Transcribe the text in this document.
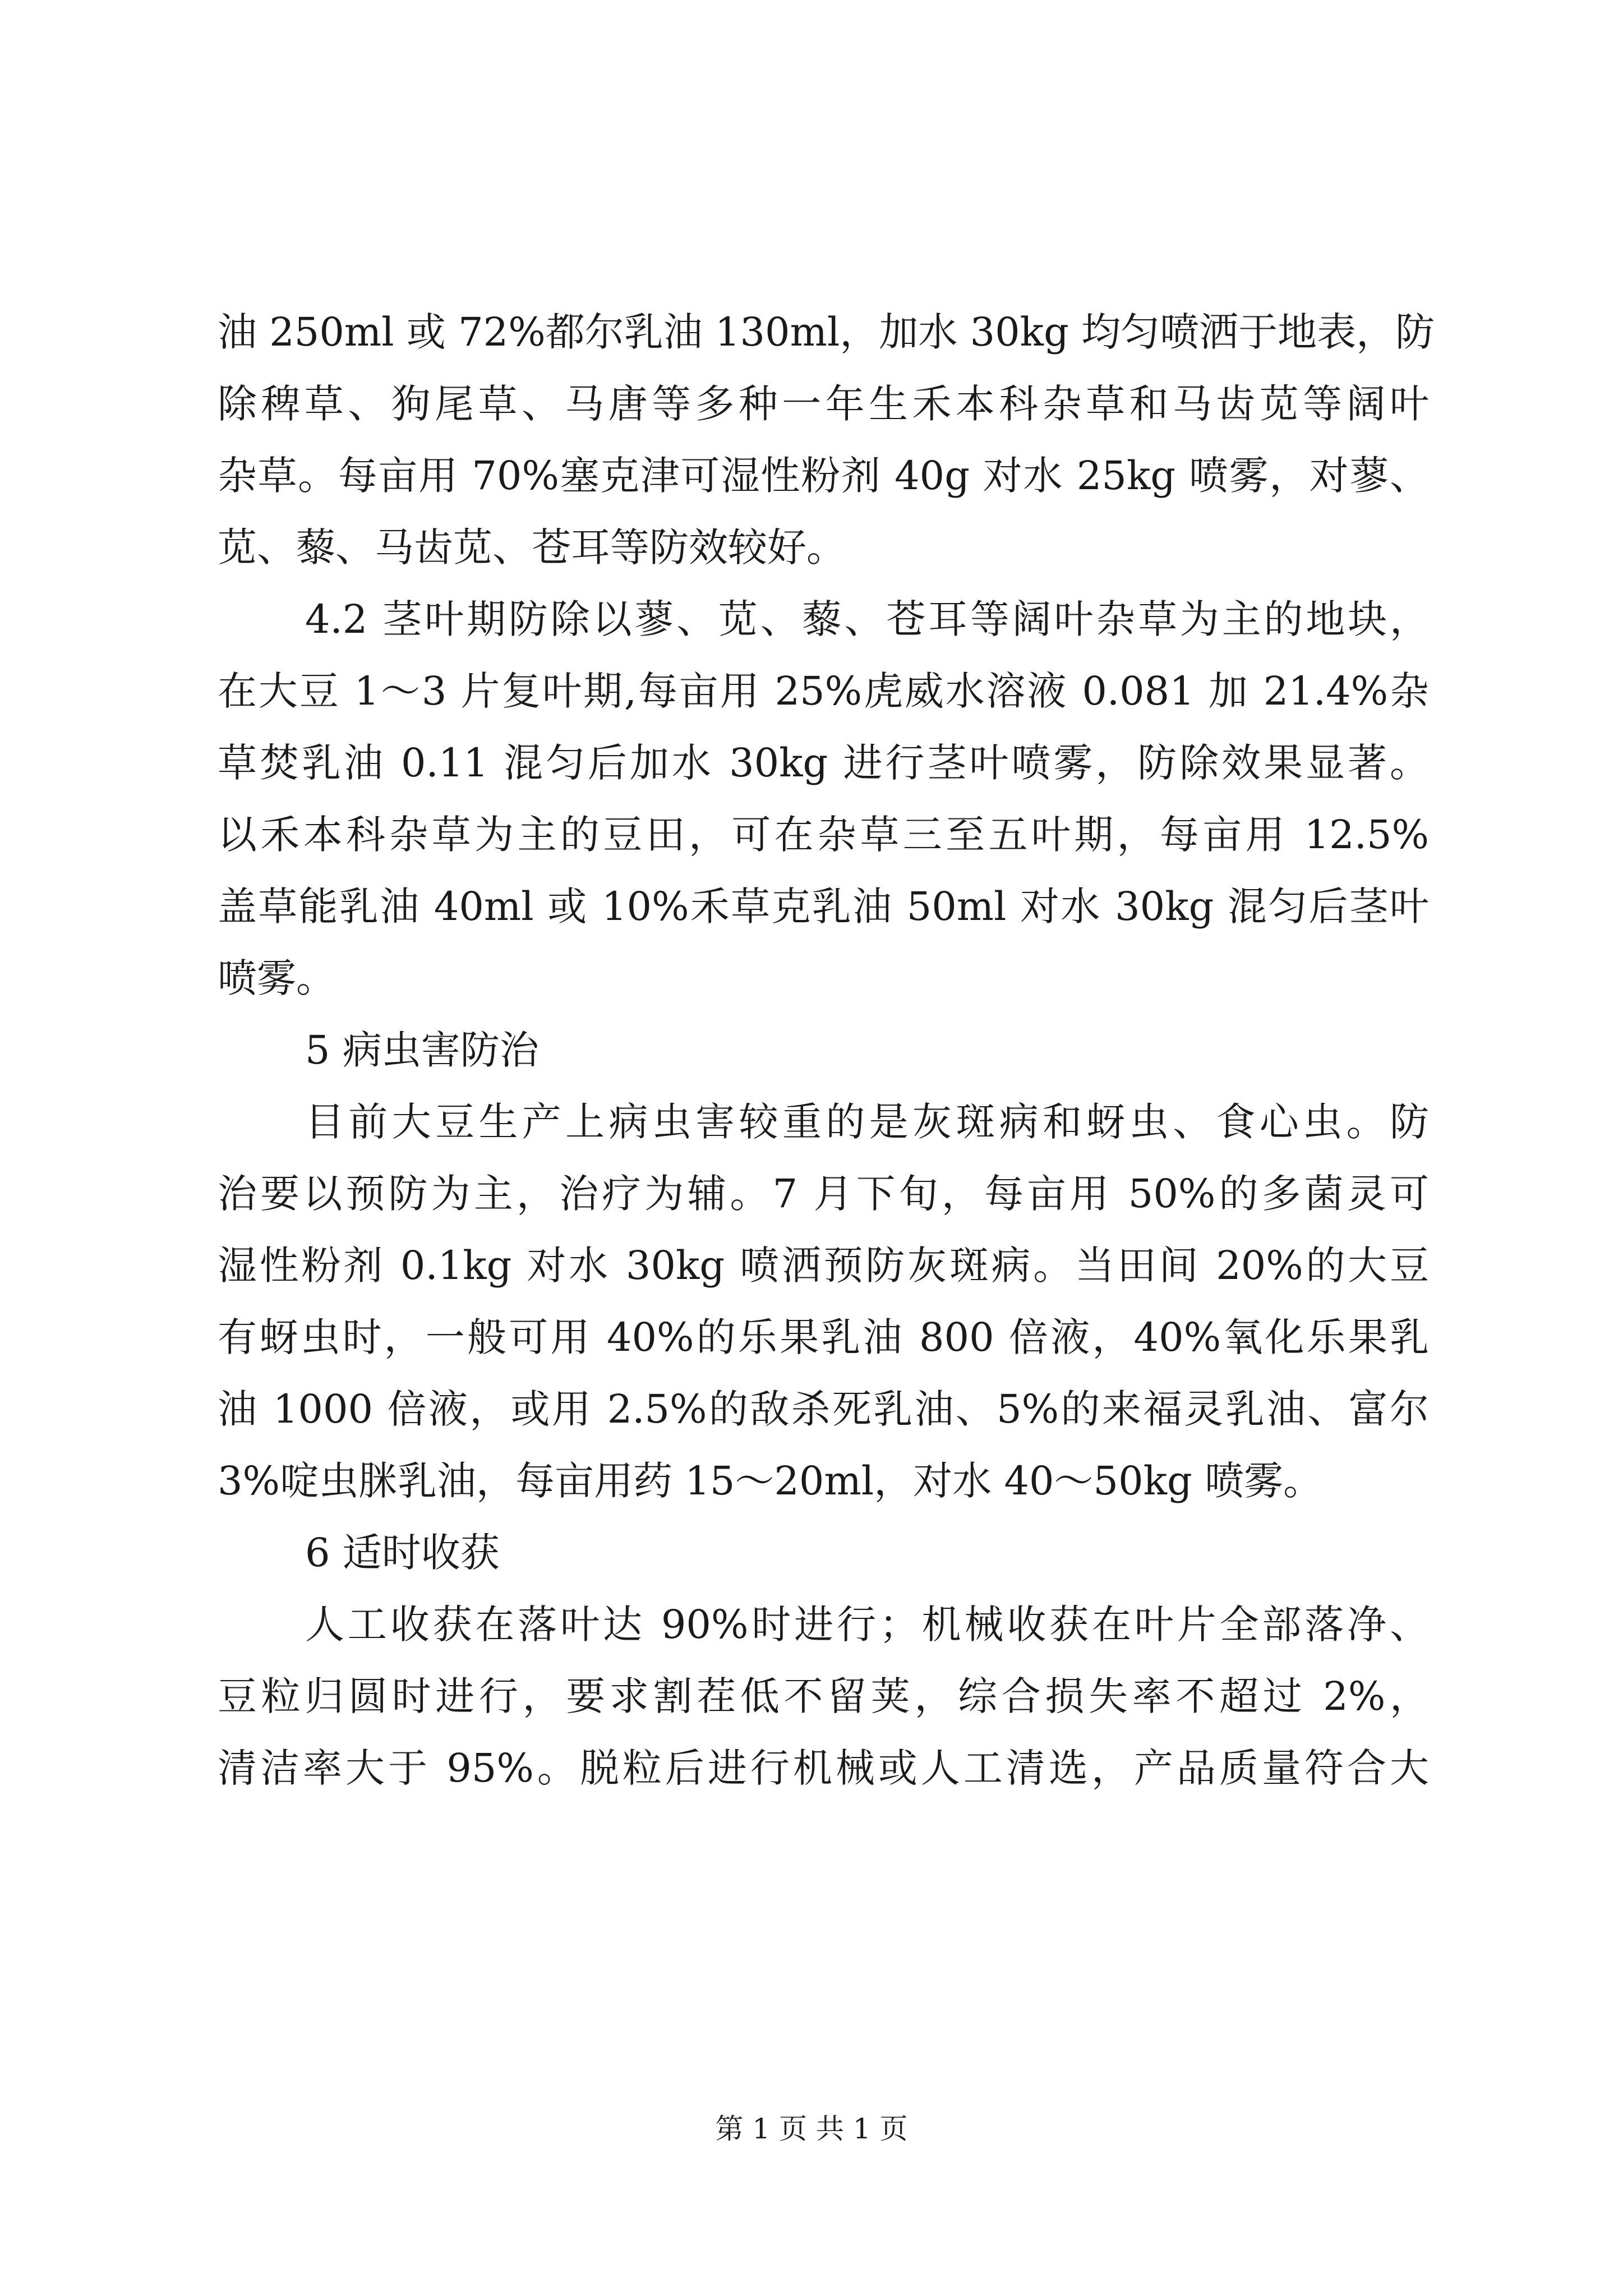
油 250ml 或 72%都尔乳油 130ml，加水 30kg 均匀喷洒于地表，防
除稗草、狗尾草、马唐等多种一年生禾本科杂草和马齿苋等阔叶
杂草。每亩用 70%塞克津可湿性粉剂 40g 对水 25kg 喷雾，对蓼、
苋、藜、马齿苋、苍耳等防效较好。
4.2 茎叶期防除以蓼、苋、藜、苍耳等阔叶杂草为主的地块，
在大豆 1～3 片复叶期,每亩用 25%虎威水溶液 0.081 加 21.4%杂
草焚乳油 0.11 混匀后加水 30kg 进行茎叶喷雾，防除效果显著。
以禾本科杂草为主的豆田，可在杂草三至五叶期，每亩用 12.5%
盖草能乳油 40ml 或 10%禾草克乳油 50ml 对水 30kg 混匀后茎叶
喷雾。
5 病虫害防治
目前大豆生产上病虫害较重的是灰斑病和蚜虫、食心虫。防
治要以预防为主，治疗为辅。7 月下旬，每亩用 50%的多菌灵可
湿性粉剂 0.1kg 对水 30kg 喷洒预防灰斑病。当田间 20%的大豆
有蚜虫时，一般可用 40%的乐果乳油 800 倍液，40%氧化乐果乳
油 1000 倍液，或用 2.5%的敌杀死乳油、5%的来福灵乳油、富尔
3%啶虫脒乳油，每亩用药 15～20ml，对水 40～50kg 喷雾。
6 适时收获
人工收获在落叶达 90%时进行；机械收获在叶片全部落净、
豆粒归圆时进行，要求割茬低不留荚，综合损失率不超过 2%，
清洁率大于 95%。脱粒后进行机械或人工清选，产品质量符合大
第 1 页 共 1 页
